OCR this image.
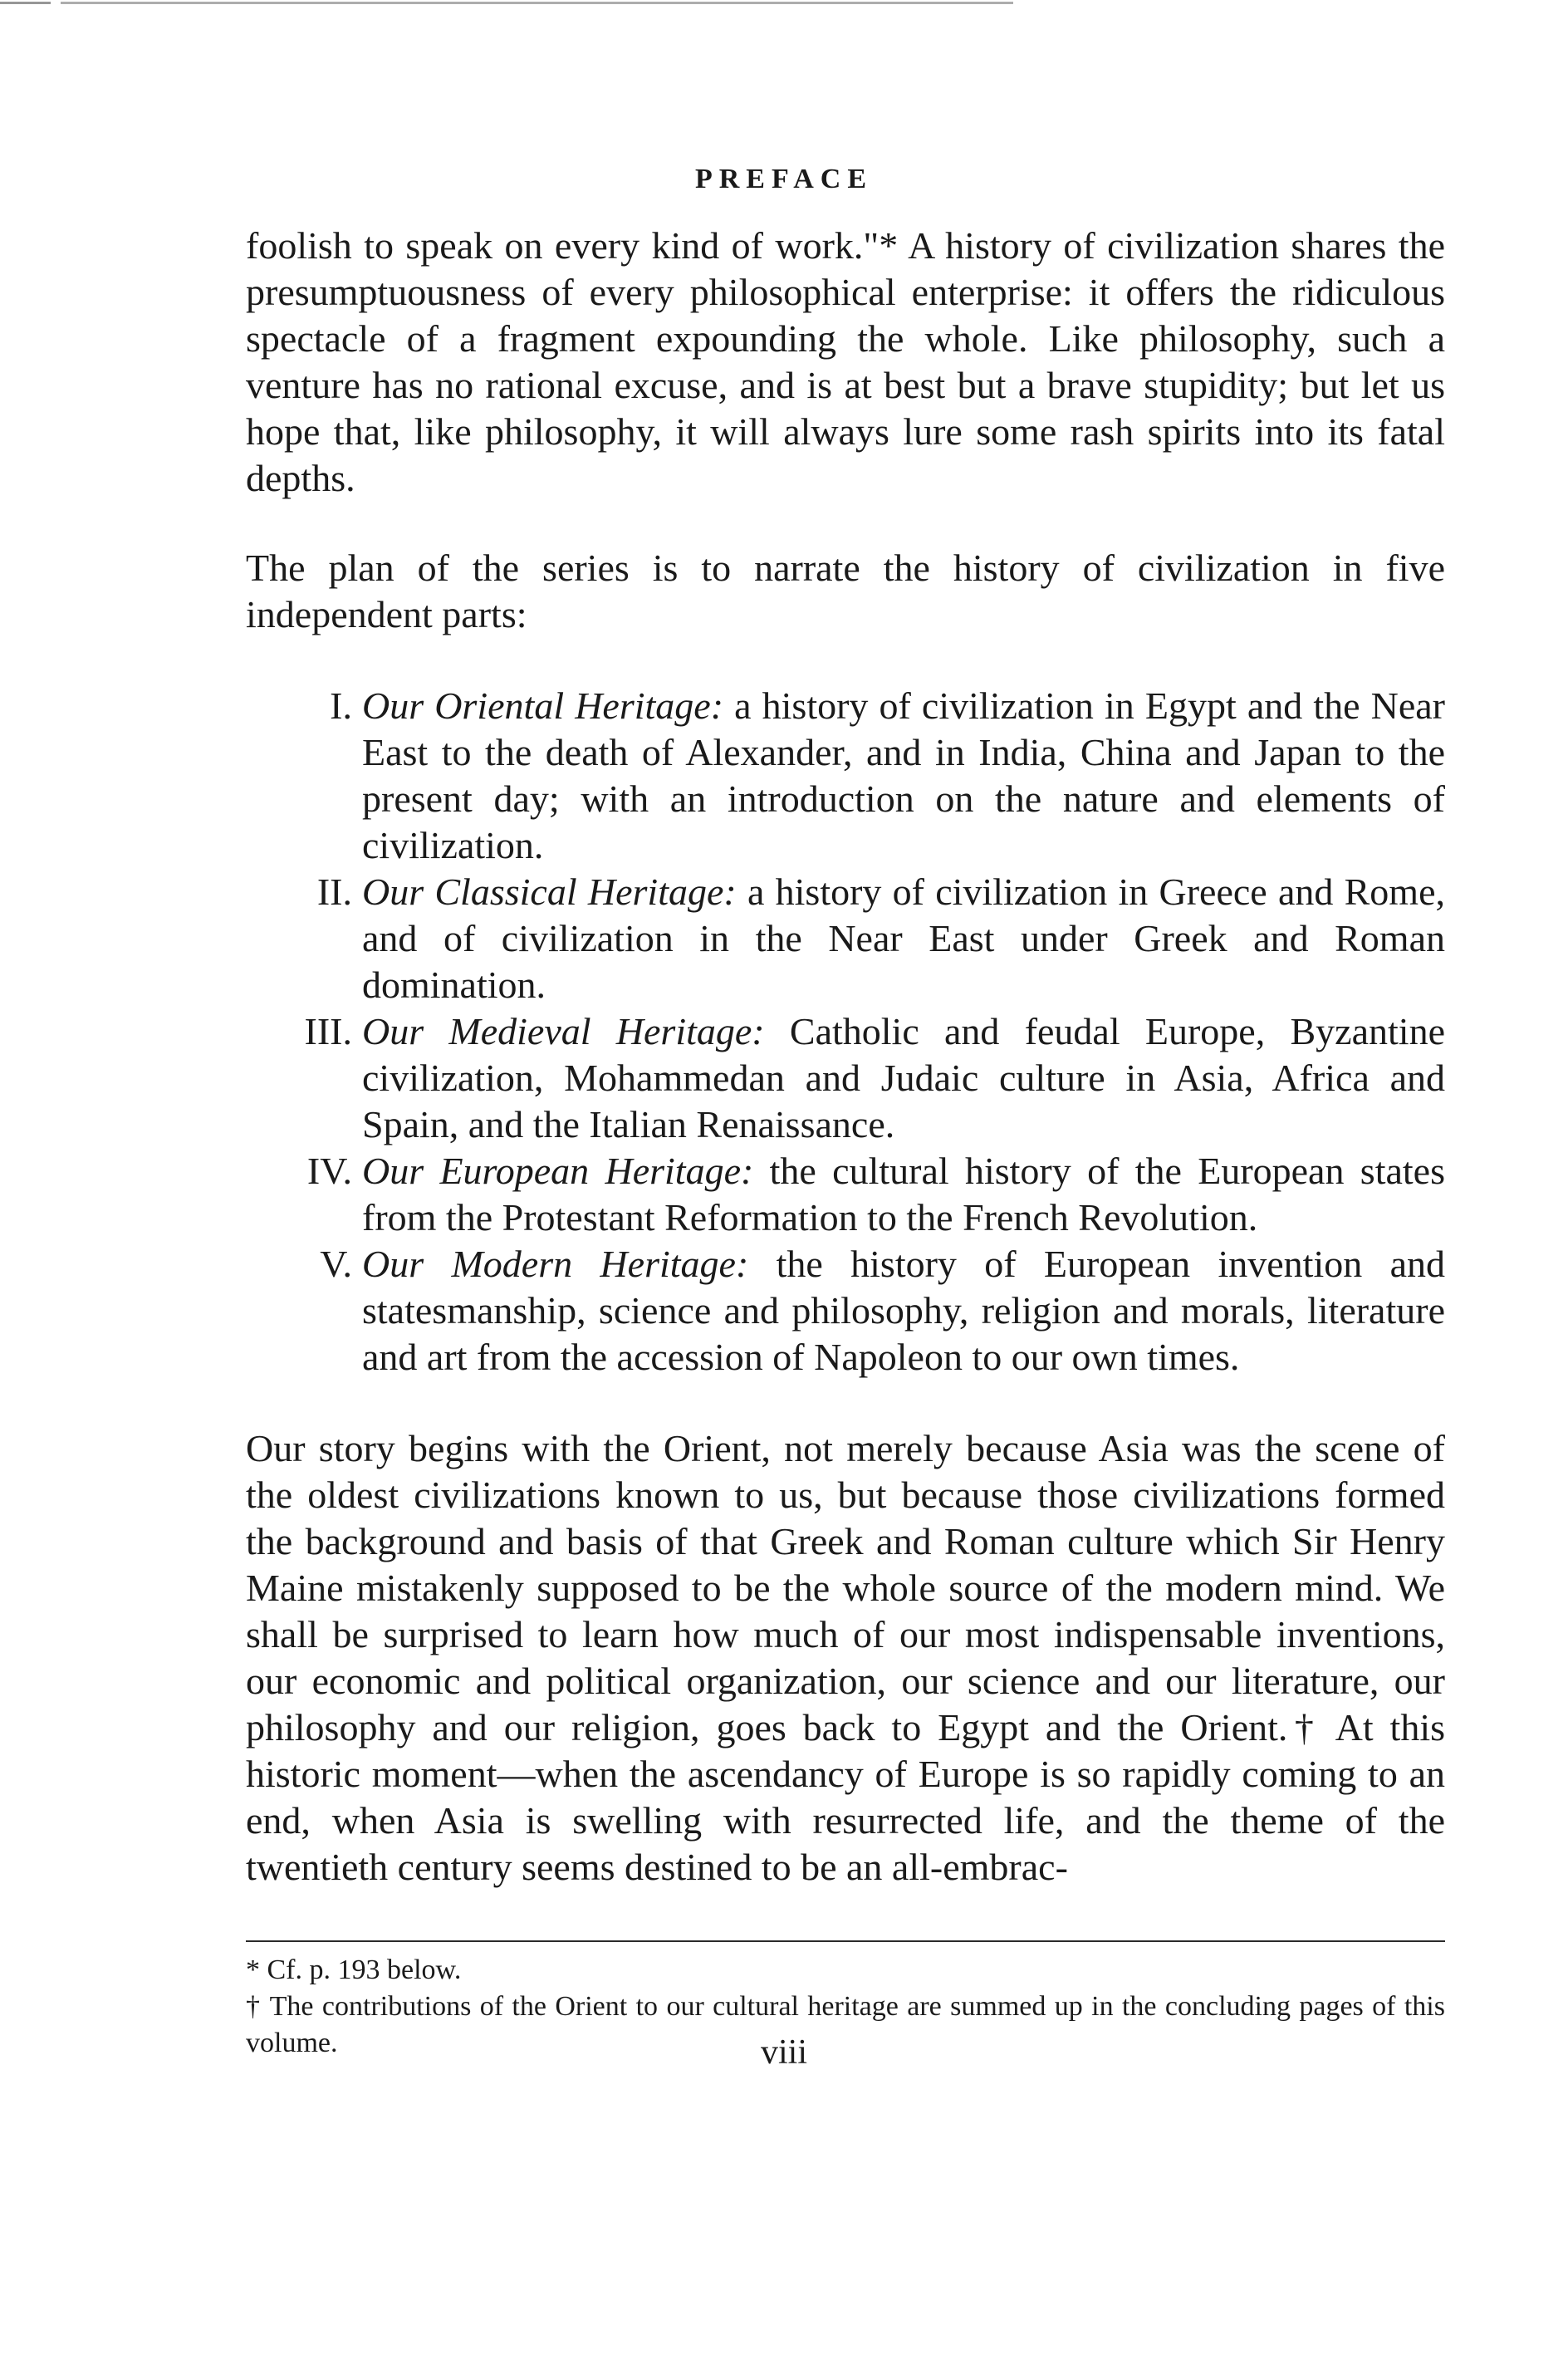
PREFACE

foolish to speak on every kind of work."* A history of civilization shares the presumptuousness of every philosophical enterprise: it offers the ridiculous spectacle of a fragment expounding the whole. Like philosophy, such a venture has no rational excuse, and is at best but a brave stupidity; but let us hope that, like philosophy, it will always lure some rash spirits into its fatal depths.

The plan of the series is to narrate the history of civilization in five independent parts:

I. Our Oriental Heritage: a history of civilization in Egypt and the Near East to the death of Alexander, and in India, China and Japan to the present day; with an introduction on the nature and elements of civilization.
II. Our Classical Heritage: a history of civilization in Greece and Rome, and of civilization in the Near East under Greek and Roman domination.
III. Our Medieval Heritage: Catholic and feudal Europe, Byzantine civilization, Mohammedan and Judaic culture in Asia, Africa and Spain, and the Italian Renaissance.
IV. Our European Heritage: the cultural history of the European states from the Protestant Reformation to the French Revolution.
V. Our Modern Heritage: the history of European invention and statesmanship, science and philosophy, religion and morals, literature and art from the accession of Napoleon to our own times.

Our story begins with the Orient, not merely because Asia was the scene of the oldest civilizations known to us, but because those civilizations formed the background and basis of that Greek and Roman culture which Sir Henry Maine mistakenly supposed to be the whole source of the modern mind. We shall be surprised to learn how much of our most indispensable inventions, our economic and political organization, our science and our literature, our philosophy and our religion, goes back to Egypt and the Orient.† At this historic moment—when the ascendancy of Europe is so rapidly coming to an end, when Asia is swelling with resurrected life, and the theme of the twentieth century seems destined to be an all-embrac-

* Cf. p. 193 below.

† The contributions of the Orient to our cultural heritage are summed up in the concluding pages of this volume.	viii
